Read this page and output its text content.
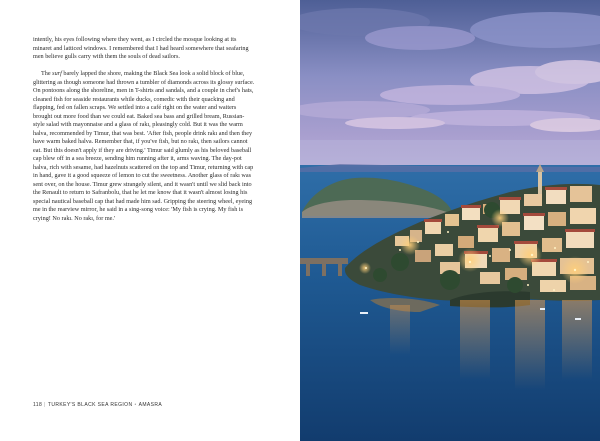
intently, his eyes following where they went, as I circled the mosque looking at its minaret and latticed windows. I remembered that I had heard somewhere that seafaring men believe gulls carry with them the souls of dead sailors.

The surf barely lapped the shore, making the Black Sea look a solid block of blue, glittering as though someone had thrown a tumbler of diamonds across its glossy surface. On pontoons along the shoreline, men in T-shirts and sandals, and a couple in chef's hats, cleaned fish for seaside restaurants while ducks, comedic with their quacking and flapping, fed on fallen scraps. We settled into a café right on the water and waiters brought out more food than we could eat. Baked sea bass and grilled bream, Russian-style salad with mayonnaise and a glass of rakı, pleasingly cold. But it was the warm halva, recommended by Timur, that was best. 'After fish, people drink rakı and then they have warm baked halva. Remember that, if you've fish, but no rakı, then sailors cannot eat. But this doesn't apply if they are driving.' Timur said glumly as his beloved baseball cap blew off in a sea breeze, sending him running after it, arms waving. The day-pot halva, rich with sesame, had hazelnuts scattered on the top and Timur, returning with cap in hand, gave it a good squeeze of lemon to cut the sweetness. Another glass of rakı was sent over, on the house. Timur grew strangely silent, and it wasn't until we slid back into the Renault to return to Safranbolu, that he let me know that it wasn't almost losing his special nautical baseball cap that had made him sad. Gripping the steering wheel, eyeing me in the rearview mirror, he said in a sing-song voice: 'My fish is crying. My fish is crying! No rakı. No rakı, for me.'

118 | TURKEY'S BLACK SEA REGION • AMASRA
